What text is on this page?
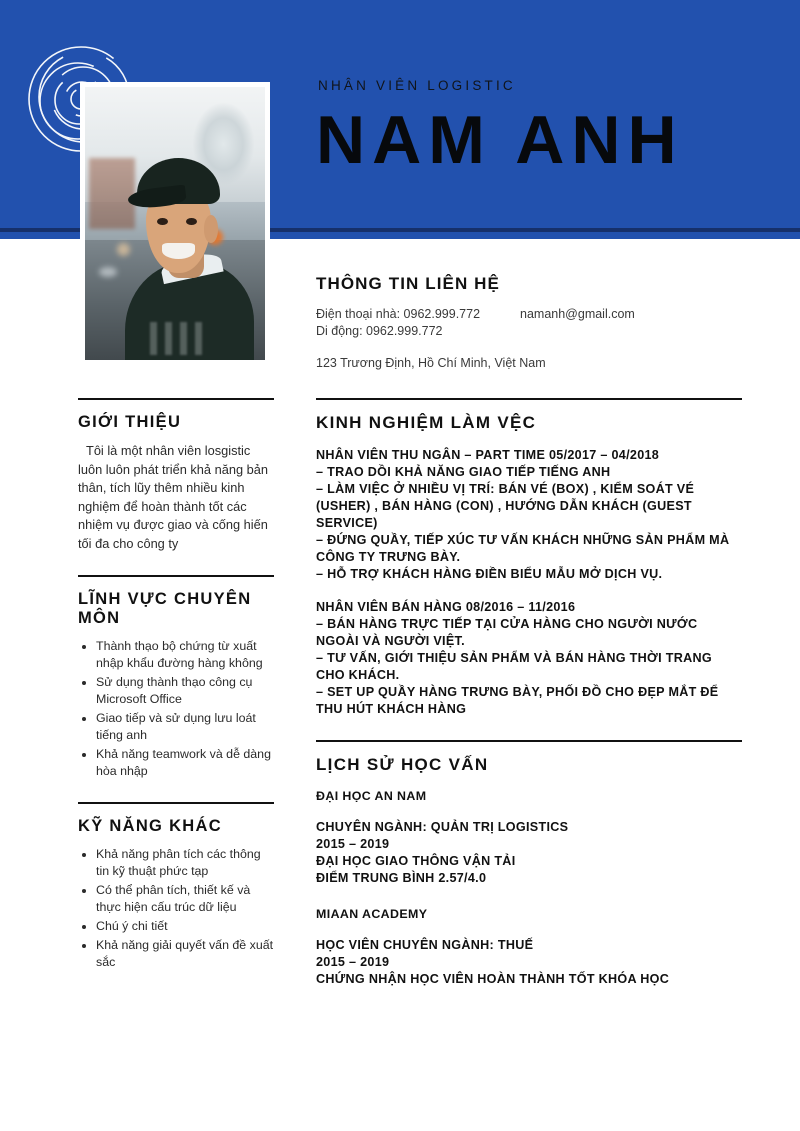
NHÂN VIÊN LOGISTIC
NAM ANH
THÔNG TIN LIÊN HỆ
Điện thoại nhà: 0962.999.772	namanh@gmail.com
Di động: 0962.999.772
123 Trương Định, Hồ Chí Minh, Việt Nam
GIỚI THIỆU
Tôi là một nhân viên losgistic luôn luôn phát triển khả năng bản thân, tích lũy thêm nhiều kinh nghiệm để hoàn thành tốt các nhiệm vụ được giao và cống hiến tối đa cho công ty
LĨNH VỰC CHUYÊN MÔN
• Thành thạo bộ chứng từ xuất nhập khẩu đường hàng không
• Sử dụng thành thạo công cụ Microsoft Office
• Giao tiếp và sử dụng lưu loát tiếng anh
• Khả năng teamwork và dễ dàng hòa nhập
KỸ NĂNG KHÁC
• Khả năng phân tích các thông tin kỹ thuật phức tạp
• Có thể phân tích, thiết kế và thực hiện cấu trúc dữ liệu
• Chú ý chi tiết
• Khả năng giải quyết vấn đề xuất sắc
KINH NGHIỆM LÀM VỆC
NHÂN VIÊN THU NGÂN – PART TIME 05/2017 – 04/2018
– TRAO DỒI KHẢ NĂNG GIAO TIẾP TIẾNG ANH
– LÀM VIỆC Ở NHIỀU VỊ TRÍ: BÁN VÉ (BOX) , KIỂM SOÁT VÉ (USHER) , BÁN HÀNG (CON) , HƯỚNG DẪN KHÁCH (GUEST SERVICE)
– ĐỨNG QUẦY, TIẾP XÚC TƯ VẤN KHÁCH NHỮNG SẢN PHẨM MÀ CÔNG TY TRƯNG BÀY.
– HỖ TRỢ KHÁCH HÀNG ĐIỀN BIỂU MẪU MỞ DỊCH VỤ.
NHÂN VIÊN BÁN HÀNG 08/2016 – 11/2016
– BÁN HÀNG TRỰC TIẾP TẠI CỬA HÀNG CHO NGƯỜI NƯỚC NGOÀI VÀ NGƯỜI VIỆT.
– TƯ VẤN, GIỚI THIỆU SẢN PHẨM VÀ BÁN HÀNG THỜI TRANG CHO KHÁCH.
– SET UP QUẦY HÀNG TRƯNG BÀY, PHỐI ĐỒ CHO ĐẸP MẮT ĐỂ THU HÚT KHÁCH HÀNG
LỊCH SỬ HỌC VẤN
ĐẠI HỌC AN NAM
CHUYÊN NGÀNH: QUẢN TRỊ LOGISTICS
2015 – 2019
ĐẠI HỌC GIAO THÔNG VẬN TẢI
ĐIỂM TRUNG BÌNH 2.57/4.0
MIAAN ACADEMY
HỌC VIÊN CHUYÊN NGÀNH: THUẾ
2015 – 2019
CHỨNG NHẬN HỌC VIÊN HOÀN THÀNH TỐT KHÓA HỌC
